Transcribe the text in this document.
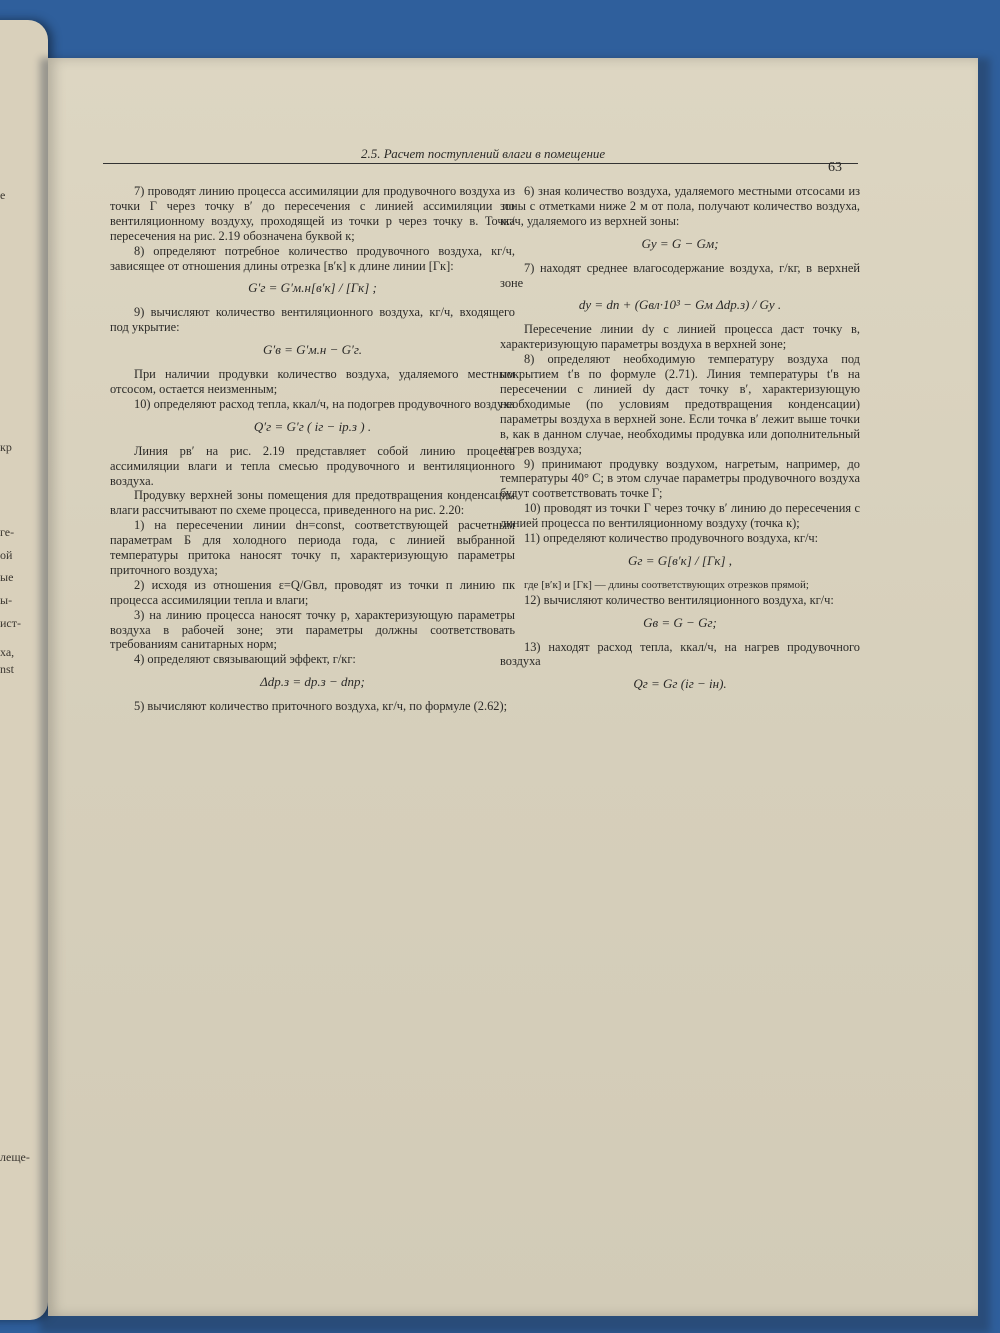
е
кр
ге-
ой
ые
ы-
ист-
ха,
nst
леще-
2.5. Расчет поступлений влаги в помещение
63

7) проводят линию процесса ассимиляции для продувочного воздуха из точки Г через точку в′ до пересечения с линией ассимиляции по вентиляционному воздуху, проходящей из точки р через точку в. Точка пересечения на рис. 2.19 обозначена буквой к;

8) определяют потребное количество продувочного воздуха, кг/ч, зависящее от отношения длины отрезка [в′к] к длине линии [Гк]:

G′г = G′м.н[в′к] / [Гк] ;

9) вычисляют количество вентиляционного воздуха, кг/ч, входящего под укрытие:

G′в = G′м.н − G′г.

При наличии продувки количество воздуха, удаляемого местным отсосом, остается неизменным;

10) определяют расход тепла, ккал/ч, на подогрев продувочного воздуха

Q′г = G′г ( iг − iр.з ) .

Линия рв′ на рис. 2.19 представляет собой линию процесса ассимиляции влаги и тепла смесью продувочного и вентиляционного воздуха.

Продувку верхней зоны помещения для предотвращения конденсации влаги рассчитывают по схеме процесса, приведенного на рис. 2.20:

1) на пересечении линии dн=const, соответствующей расчетным параметрам Б для холодного периода года, с линией выбранной температуры притока наносят точку п, характеризующую параметры приточного воздуха;

2) исходя из отношения ε=Q/Gвл, проводят из точки п линию пк процесса ассимиляции тепла и влаги;

3) на линию процесса наносят точку р, характеризующую параметры воздуха в рабочей зоне; эти параметры должны соответствовать требованиям санитарных норм;

4) определяют связывающий эффект, г/кг:

Δdр.з = dр.з − dпр;

5) вычисляют количество приточного воздуха, кг/ч, по формуле (2.62);

6) зная количество воздуха, удаляемого местными отсосами из зоны с отметками ниже 2 м от пола, получают количество воздуха, кг/ч, удаляемого из верхней зоны:

Gу = G − Gм;

7) находят среднее влагосодержание воздуха, г/кг, в верхней зоне

dу = dп + (Gвл·10³ − Gм Δdр.з) / Gу .

Пересечение линии dу с линией процесса даст точку в, характеризующую параметры воздуха в верхней зоне;

8) определяют необходимую температуру воздуха под покрытием t′в по формуле (2.71). Линия температуры t′в на пересечении с линией dу даст точку в′, характеризующую необходимые (по условиям предотвращения конденсации) параметры воздуха в верхней зоне. Если точка в′ лежит выше точки в, как в данном случае, необходимы продувка или дополнительный нагрев воздуха;

9) принимают продувку воздухом, нагретым, например, до температуры 40° С; в этом случае параметры продувочного воздуха будут соответствовать точке Г;

10) проводят из точки Г через точку в′ линию до пересечения с линией процесса по вентиляционному воздуху (точка к);

11) определяют количество продувочного воздуха, кг/ч:

Gг = G[в′к] / [Гк] ,

где [в′к] и [Гк] — длины соответствующих отрезков прямой;

12) вычисляют количество вентиляционного воздуха, кг/ч:

Gв = G − Gг;

13) находят расход тепла, ккал/ч, на нагрев продувочного воздуха

Qг = Gг (iг − iн).
